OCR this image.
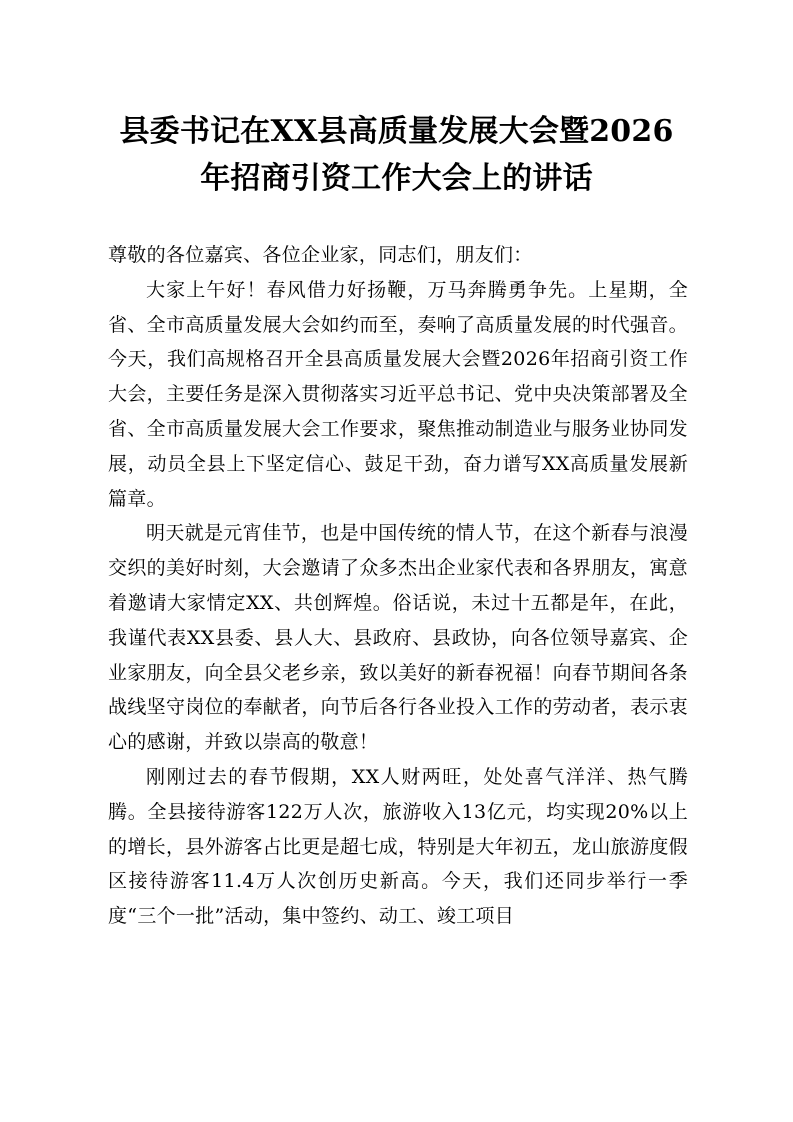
县委书记在XX县高质量发展大会暨2026
年招商引资工作大会上的讲话

尊敬的各位嘉宾、各位企业家，同志们，朋友们：

大家上午好！春风借力好扬鞭，万马奔腾勇争先。上星期，全省、全市高质量发展大会如约而至，奏响了高质量发展的时代强音。今天，我们高规格召开全县高质量发展大会暨2026年招商引资工作大会，主要任务是深入贯彻落实习近平总书记、党中央决策部署及全省、全市高质量发展大会工作要求，聚焦推动制造业与服务业协同发展，动员全县上下坚定信心、鼓足干劲，奋力谱写XX高质量发展新篇章。

明天就是元宵佳节，也是中国传统的情人节，在这个新春与浪漫交织的美好时刻，大会邀请了众多杰出企业家代表和各界朋友，寓意着邀请大家情定XX、共创辉煌。俗话说，未过十五都是年，在此，我谨代表XX县委、县人大、县政府、县政协，向各位领导嘉宾、企业家朋友，向全县父老乡亲，致以美好的新春祝福！向春节期间各条战线坚守岗位的奉献者，向节后各行各业投入工作的劳动者，表示衷心的感谢，并致以崇高的敬意！

刚刚过去的春节假期，XX人财两旺，处处喜气洋洋、热气腾腾。全县接待游客122万人次，旅游收入13亿元，均实现20%以上的增长，县外游客占比更是超七成，特别是大年初五，龙山旅游度假区接待游客11.4万人次创历史新高。今天，我们还同步举行一季度“三个一批”活动，集中签约、动工、竣工项目
